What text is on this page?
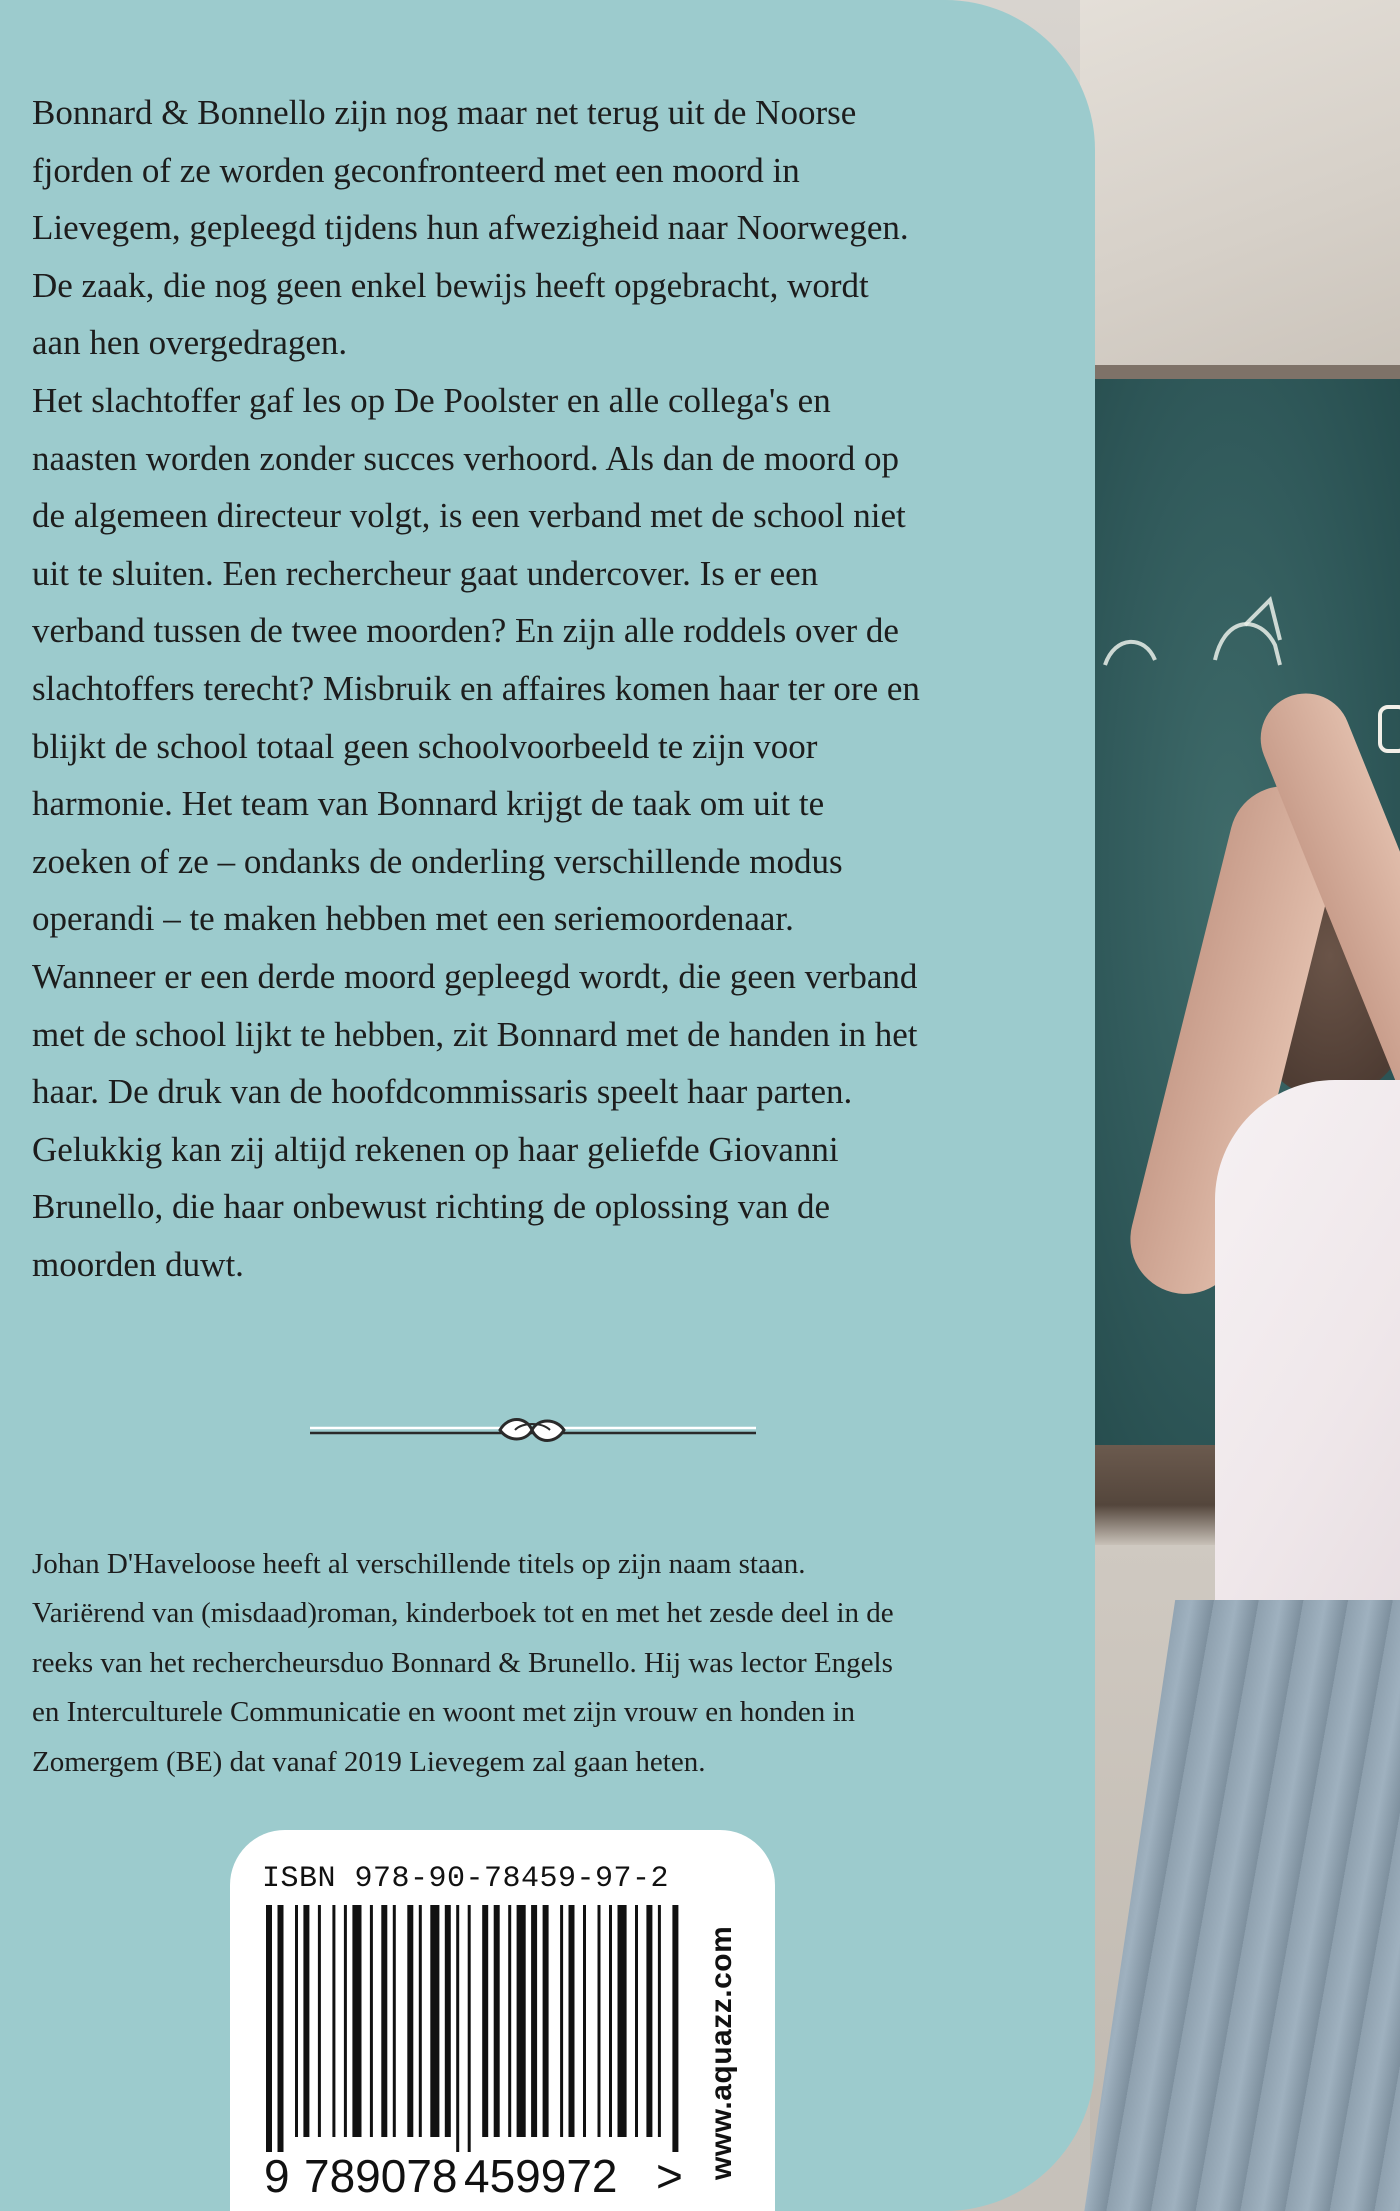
Bonnard & Bonnello zijn nog maar net terug uit de Noorse
fjorden of ze worden geconfronteerd met een moord in
Lievegem, gepleegd tijdens hun afwezigheid naar Noorwegen.
De zaak, die nog geen enkel bewijs heeft opgebracht, wordt
aan hen overgedragen.

Het slachtoffer gaf les op De Poolster en alle collega's en
naasten worden zonder succes verhoord. Als dan de moord op
de algemeen directeur volgt, is een verband met de school niet
uit te sluiten. Een rechercheur gaat undercover. Is er een
verband tussen de twee moorden? En zijn alle roddels over de
slachtoffers terecht? Misbruik en affaires komen haar ter ore en
blijkt de school totaal geen schoolvoorbeeld te zijn voor
harmonie. Het team van Bonnard krijgt de taak om uit te
zoeken of ze – ondanks de onderling verschillende modus
operandi – te maken hebben met een seriemoordenaar.

Wanneer er een derde moord gepleegd wordt, die geen verband
met de school lijkt te hebben, zit Bonnard met de handen in het
haar. De druk van de hoofdcommissaris speelt haar parten.
Gelukkig kan zij altijd rekenen op haar geliefde Giovanni
Brunello, die haar onbewust richting de oplossing van de
moorden duwt.

Johan D'Haveloose heeft al verschillende titels op zijn naam staan.
Variërend van (misdaad)roman, kinderboek tot en met het zesde deel in de
reeks van het rechercheursduo Bonnard & Brunello. Hij was lector Engels
en Interculturele Communicatie en woont met zijn vrouw en honden in
Zomergem (BE) dat vanaf 2019 Lievegem zal gaan heten.

ISBN 978-90-78459-97-2
9 789078 459972 > www.aquazz.com
